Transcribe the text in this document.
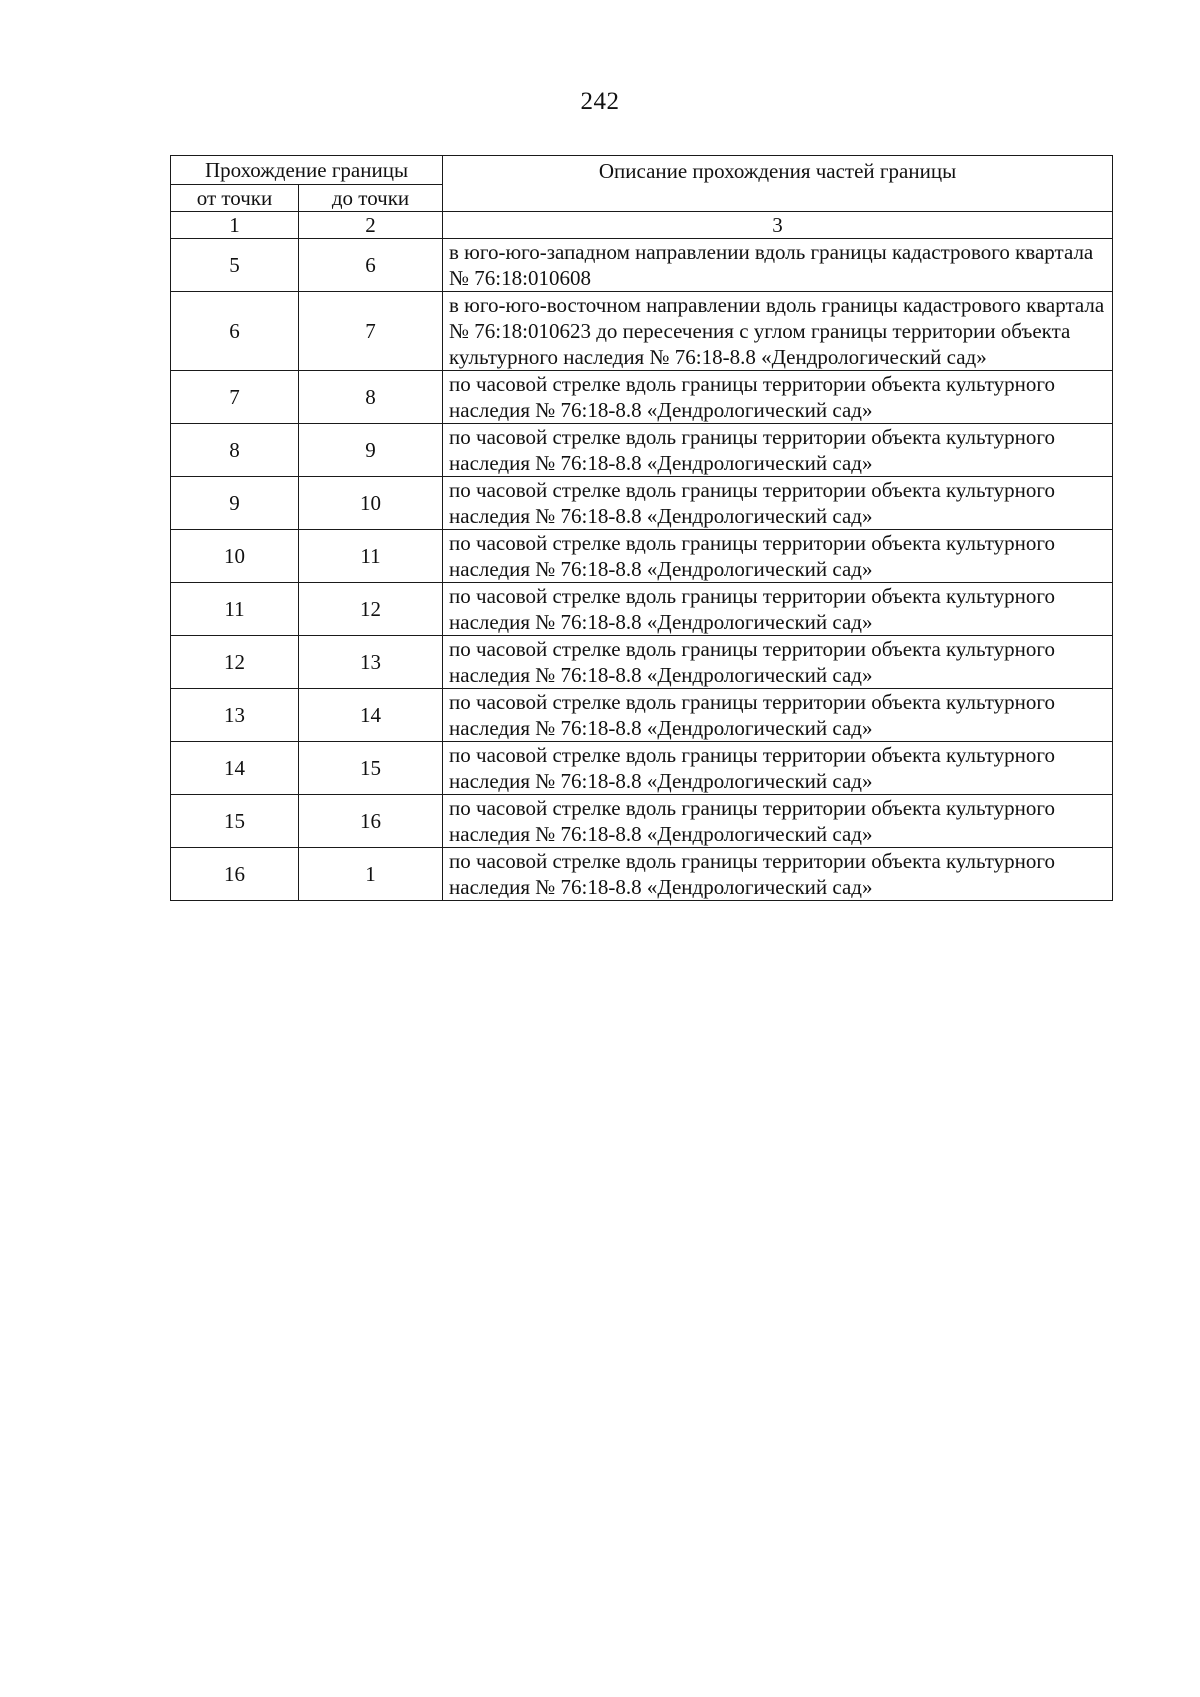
242
Прохождение границы		Описание прохождения частей границы
от точки	до точки	
1	2	3
5	6	в юго-юго-западном направлении вдоль границы кадастрового квартала № 76:18:010608
6	7	в юго-юго-восточном направлении вдоль границы кадастрового квартала № 76:18:010623 до пересечения с углом границы территории объекта культурного наследия № 76:18-8.8 «Дендрологический сад»
7	8	по часовой стрелке вдоль границы территории объекта культурного наследия № 76:18-8.8 «Дендрологический сад»
8	9	по часовой стрелке вдоль границы территории объекта культурного наследия № 76:18-8.8 «Дендрологический сад»
9	10	по часовой стрелке вдоль границы территории объекта культурного наследия № 76:18-8.8 «Дендрологический сад»
10	11	по часовой стрелке вдоль границы территории объекта культурного наследия № 76:18-8.8 «Дендрологический сад»
11	12	по часовой стрелке вдоль границы территории объекта культурного наследия № 76:18-8.8 «Дендрологический сад»
12	13	по часовой стрелке вдоль границы территории объекта культурного наследия № 76:18-8.8 «Дендрологический сад»
13	14	по часовой стрелке вдоль границы территории объекта культурного наследия № 76:18-8.8 «Дендрологический сад»
14	15	по часовой стрелке вдоль границы территории объекта культурного наследия № 76:18-8.8 «Дендрологический сад»
15	16	по часовой стрелке вдоль границы территории объекта культурного наследия № 76:18-8.8 «Дендрологический сад»
16	1	по часовой стрелке вдоль границы территории объекта культурного наследия № 76:18-8.8 «Дендрологический сад»
